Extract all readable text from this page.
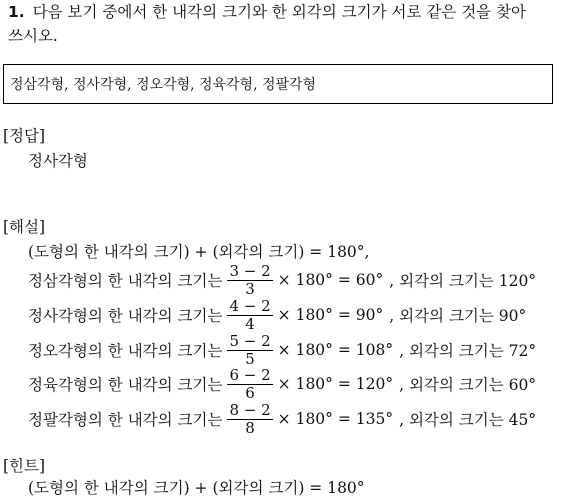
1. 다음 보기 중에서 한 내각의 크기와 한 외각의 크기가 서로 같은 것을 찾아
쓰시오.
정삼각형, 정사각형, 정오각형, 정육각형, 정팔각형
[정답]
정사각형
[해설]
(도형의 한 내각의 크기) + (외각의 크기) = 180°,
정삼각형의 한 내각의 크기는 $\frac{3 - 2}{3} \times 180^\circ = 60^\circ$ , 외각의 크기는 120°
정사각형의 한 내각의 크기는 $\frac{4 - 2}{4} \times 180^\circ = 90^\circ$ , 외각의 크기는 90°
정오각형의 한 내각의 크기는 $\frac{5 - 2}{5} \times 180^\circ = 108^\circ$ , 외각의 크기는 72°
정육각형의 한 내각의 크기는 $\frac{6 - 2}{6} \times 180^\circ = 120^\circ$ , 외각의 크기는 60°
정팔각형의 한 내각의 크기는 $\frac{8 - 2}{8} \times 180^\circ = 135^\circ$ , 외각의 크기는 45°
[힌트]
(도형의 한 내각의 크기) + (외각의 크기) = 180°
